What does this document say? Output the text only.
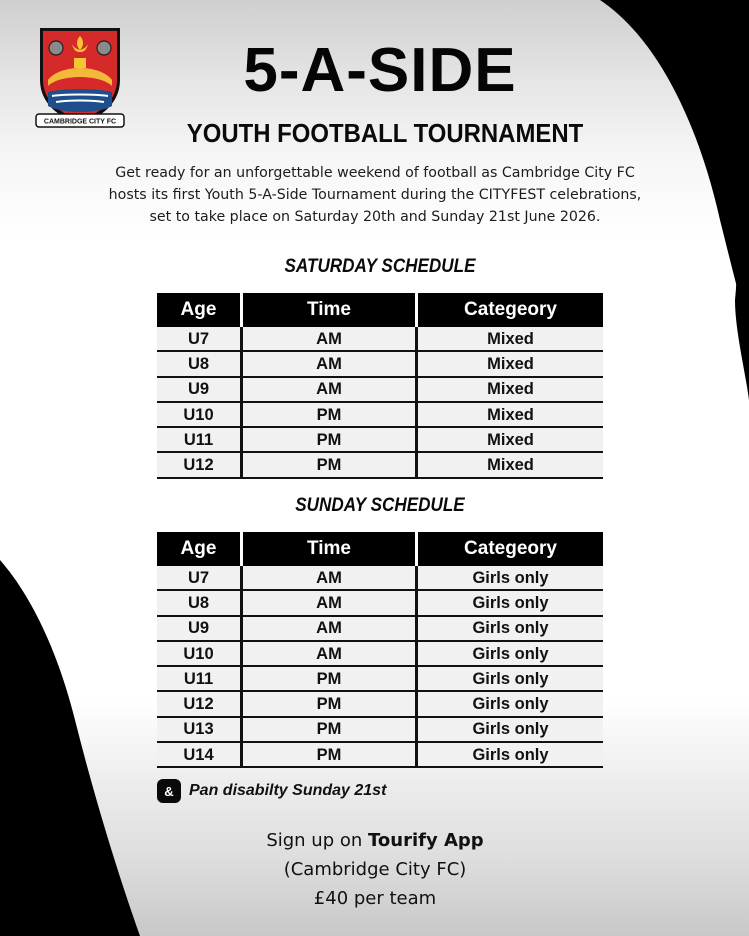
CAMBRIDGE CITY FC
5-A-SIDE
YOUTH FOOTBALL TOURNAMENT
Get ready for an unforgettable weekend of football as Cambridge City FC
hosts its first Youth 5-A-Side Tournament during the CITYFEST celebrations,
set to take place on Saturday 20th and Sunday 21st June 2026.
SATURDAY SCHEDULE
Age	Time	Categeory
U7	AM	Mixed
U8	AM	Mixed
U9	AM	Mixed
U10	PM	Mixed
U11	PM	Mixed
U12	PM	Mixed
SUNDAY SCHEDULE
Age	Time	Categeory
U7	AM	Girls only
U8	AM	Girls only
U9	AM	Girls only
U10	AM	Girls only
U11	PM	Girls only
U12	PM	Girls only
U13	PM	Girls only
U14	PM	Girls only
& Pan disabilty Sunday 21st
Sign up on Tourify App
(Cambridge City FC)
£40 per team
